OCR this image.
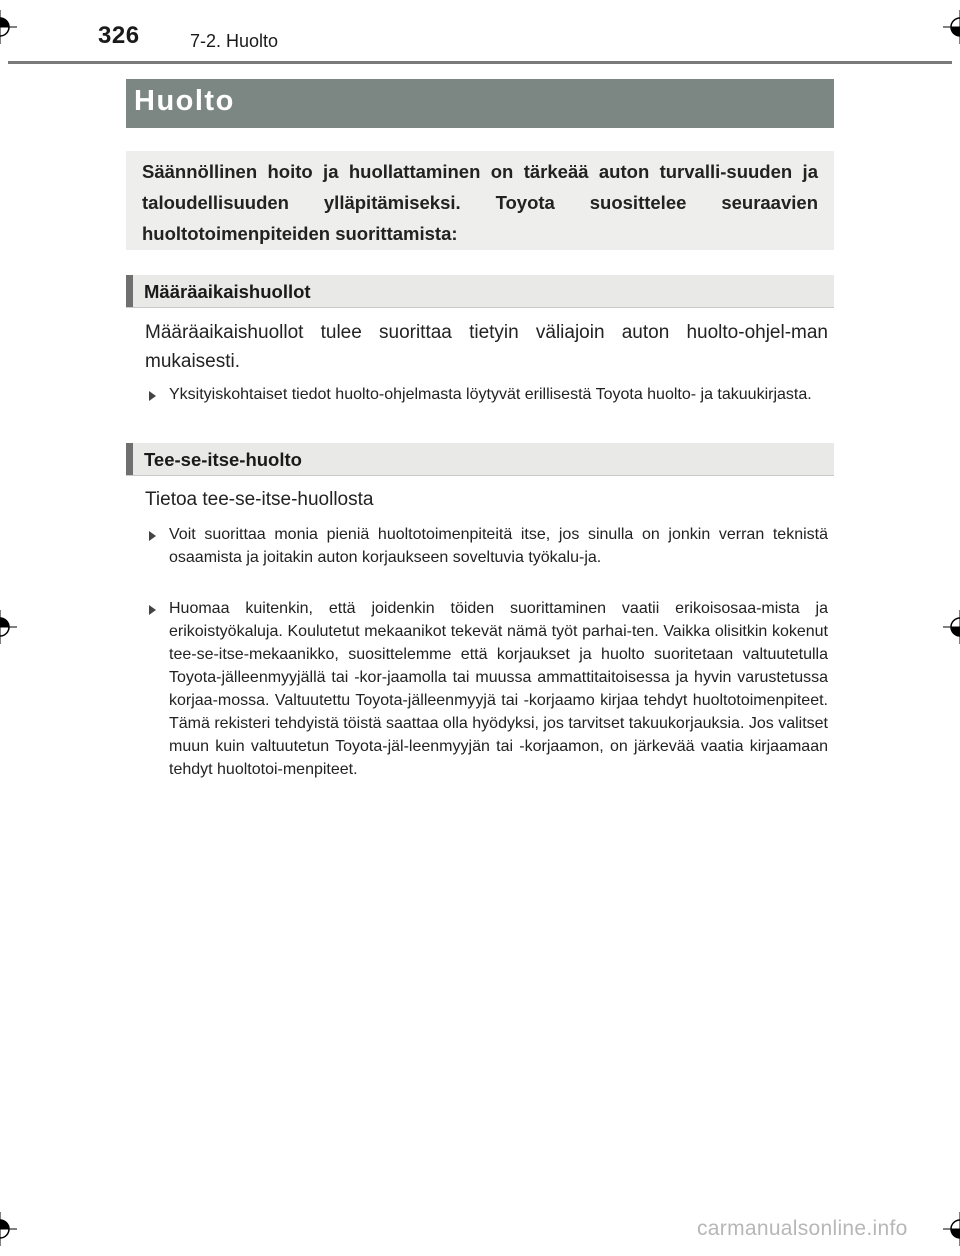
326	7-2. Huolto
Huolto
Säännöllinen hoito ja huollattaminen on tärkeää auton turvalli-suuden ja taloudellisuuden ylläpitämiseksi. Toyota suosittelee seuraavien huoltotoimenpiteiden suorittamista:
Määräaikaishuollot
Määräaikaishuollot tulee suorittaa tietyin väliajoin auton huolto-ohjel-man mukaisesti.
Yksityiskohtaiset tiedot huolto-ohjelmasta löytyvät erillisestä Toyota huolto- ja takuukirjasta.
Tee-se-itse-huolto
Tietoa tee-se-itse-huollosta
Voit suorittaa monia pieniä huoltotoimenpiteitä itse, jos sinulla on jonkin verran teknistä osaamista ja joitakin auton korjaukseen soveltuvia työkalu-ja.
Huomaa kuitenkin, että joidenkin töiden suorittaminen vaatii erikoisosaa-mista ja erikoistyökaluja. Koulutetut mekaanikot tekevät nämä työt parhai-ten. Vaikka olisitkin kokenut tee-se-itse-mekaanikko, suosittelemme että korjaukset ja huolto suoritetaan valtuutetulla Toyota-jälleenmyyjällä tai -kor-jaamolla tai muussa ammattitaitoisessa ja hyvin varustetussa korjaa-mossa. Valtuutettu Toyota-jälleenmyyjä tai -korjaamo kirjaa tehdyt huoltotoimenpiteet. Tämä rekisteri tehdyistä töistä saattaa olla hyödyksi, jos tarvitset takuukorjauksia. Jos valitset muun kuin valtuutetun Toyota-jäl-leenmyyjän tai -korjaamon, on järkevää vaatia kirjaamaan tehdyt huoltotoi-menpiteet.
carmanualsonline.info
